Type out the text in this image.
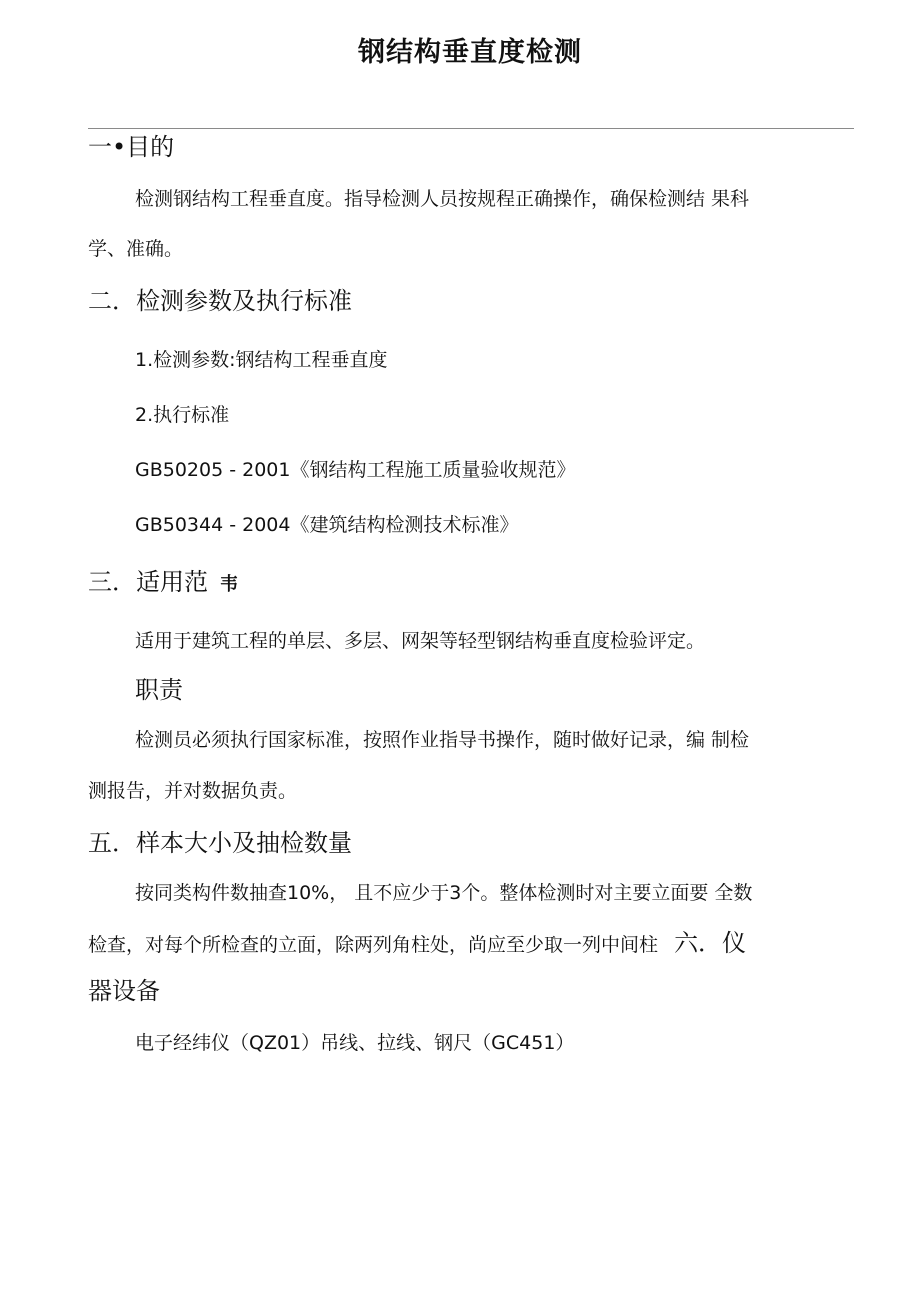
钢结构垂直度检测
一•目的
检测钢结构工程垂直度。指导检测人员按规程正确操作，确保检测结 果科
学、准确。
二．检测参数及执行标准
1.检测参数:钢结构工程垂直度
2.执行标准
GB50205 - 2001《钢结构工程施工质量验收规范》
GB50344 - 2004《建筑结构检测技术标准》
三．适用范 韦
适用于建筑工程的单层、多层、网架等轻型钢结构垂直度检验评定。
职责
检测员必须执行国家标准，按照作业指导书操作，随时做好记录，编 制检
测报告，并对数据负责。
五．样本大小及抽检数量
按同类构件数抽查10%， 且不应少于3个。整体检测时对主要立面要 全数
检查，对每个所检查的立面，除两列角柱处，尚应至少取一列中间柱 六．仪
器设备
电子经纬仪（QZ01）吊线、拉线、钢尺（GC451）
